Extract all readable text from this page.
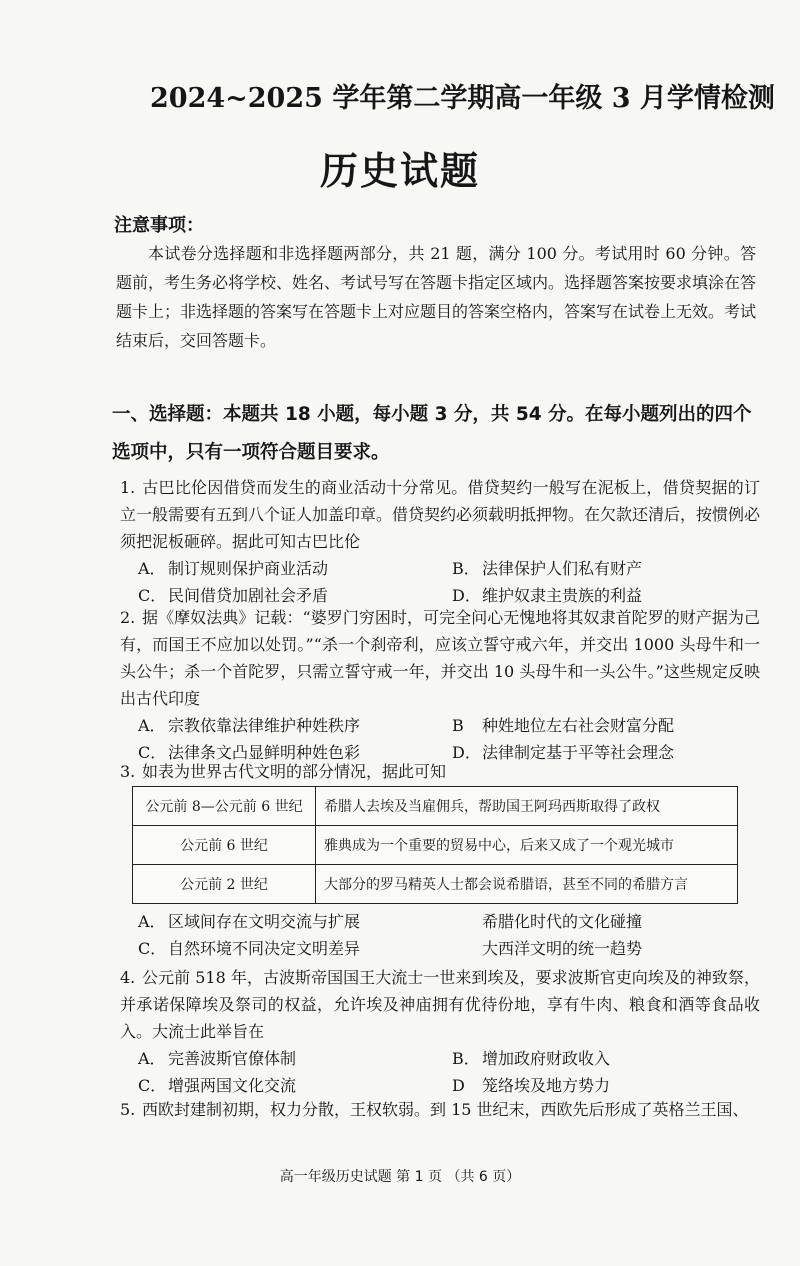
2024~2025 学年第二学期高一年级 3 月学情检测
历史试题
注意事项：
本试卷分选择题和非选择题两部分，共 21 题，满分 100 分。考试用时 60 分钟。答题前，考生务必将学校、姓名、考试号写在答题卡指定区域内。选择题答案按要求填涂在答题卡上；非选择题的答案写在答题卡上对应题目的答案空格内，答案写在试卷上无效。考试结束后，交回答题卡。
一、选择题：本题共 18 小题，每小题 3 分，共 54 分。在每小题列出的四个选项中，只有一项符合题目要求。
1. 古巴比伦因借贷而发生的商业活动十分常见。借贷契约一般写在泥板上，借贷契据的订立一般需要有五到八个证人加盖印章。借贷契约必须载明抵押物。在欠款还清后，按惯例必须把泥板砸碎。据此可知古巴比伦
A． 制订规则保护商业活动	B． 法律保护人们私有财产
C． 民间借贷加剧社会矛盾	D． 维护奴隶主贵族的利益
2. 据《摩奴法典》记载：“婆罗门穷困时，可完全问心无愧地将其奴隶首陀罗的财产据为己有，而国王不应加以处罚。”“杀一个刹帝利，应该立誓守戒六年，并交出 1000 头母牛和一头公牛；杀一个首陀罗，只需立誓守戒一年，并交出 10 头母牛和一头公牛。”这些规定反映出古代印度
A． 宗教依靠法律维护种姓秩序	B	种姓地位左右社会财富分配
C． 法律条文凸显鲜明种姓色彩	D． 法律制定基于平等社会理念
3. 如表为世界古代文明的部分情况，据此可知
公元前 8—公元前 6 世纪	希腊人去埃及当雇佣兵，帮助国王阿玛西斯取得了政权
公元前 6 世纪	雅典成为一个重要的贸易中心，后来又成了一个观光城市
公元前 2 世纪	大部分的罗马精英人士都会说希腊语，甚至不同的希腊方言
A． 区域间存在文明交流与扩展	希腊化时代的文化碰撞
C． 自然环境不同决定文明差异	大西洋文明的统一趋势
4. 公元前 518 年，古波斯帝国国王大流士一世来到埃及，要求波斯官吏向埃及的神致祭，并承诺保障埃及祭司的权益，允许埃及神庙拥有优待份地，享有牛肉、粮食和酒等食品收入。大流士此举旨在
A． 完善波斯官僚体制	B． 增加政府财政收入
C． 增强两国文化交流	D	笼络埃及地方势力
5. 西欧封建制初期，权力分散，王权软弱。到 15 世纪末，西欧先后形成了英格兰王国、
高一年级历史试题 第 1 页 （共 6 页）
